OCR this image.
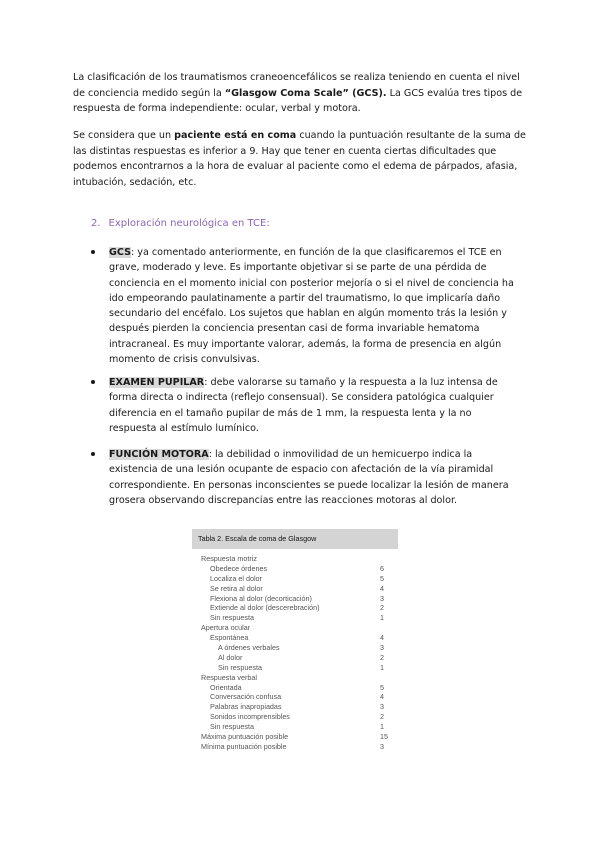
La clasificación de los traumatismos craneoencefálicos se realiza teniendo en cuenta el nivel de conciencia medido según la “Glasgow Coma Scale” (GCS). La GCS evalúa tres tipos de respuesta de forma independiente: ocular, verbal y motora.

Se considera que un paciente está en coma cuando la puntuación resultante de la suma de las distintas respuestas es inferior a 9. Hay que tener en cuenta ciertas dificultades que podemos encontrarnos a la hora de evaluar al paciente como el edema de párpados, afasia, intubación, sedación, etc.

2. Exploración neurológica en TCE:

GCS: ya comentado anteriormente, en función de la que clasificaremos el TCE en grave, moderado y leve. Es importante objetivar si se parte de una pérdida de conciencia en el momento inicial con posterior mejoría o si el nivel de conciencia ha ido empeorando paulatinamente a partir del traumatismo, lo que implicaría daño secundario del encéfalo. Los sujetos que hablan en algún momento trás la lesión y después pierden la conciencia presentan casi de forma invariable hematoma intracraneal. Es muy importante valorar, además, la forma de presencia en algún momento de crisis convulsivas.
EXAMEN PUPILAR: debe valorarse su tamaño y la respuesta a la luz intensa de forma directa o indirecta (reflejo consensual). Se considera patológica cualquier diferencia en el tamaño pupilar de más de 1 mm, la respuesta lenta y la no respuesta al estímulo lumínico.
FUNCIÓN MOTORA: la debilidad o inmovilidad de un hemicuerpo indica la existencia de una lesión ocupante de espacio con afectación de la vía piramidal correspondiente. En personas inconscientes se puede localizar la lesión de manera grosera observando discrepancias entre las reacciones motoras al dolor.
Tabla 2. Escala de coma de Glasgow
Respuesta motriz
Obedece órdenes	6
Localiza el dolor	5
Se retira al dolor	4
Flexiona al dolor (decorticación)	3
Extiende al dolor (descerebración)	2
Sin respuesta	1
Apertura ocular
Espontánea	4
A órdenes verbales	3
Al dolor	2
Sin respuesta	1
Respuesta verbal
Orientada	5
Conversación confusa	4
Palabras inapropiadas	3
Sonidos incomprensibles	2
Sin respuesta	1
Máxima puntuación posible	15
Mínima puntuación posible	3
